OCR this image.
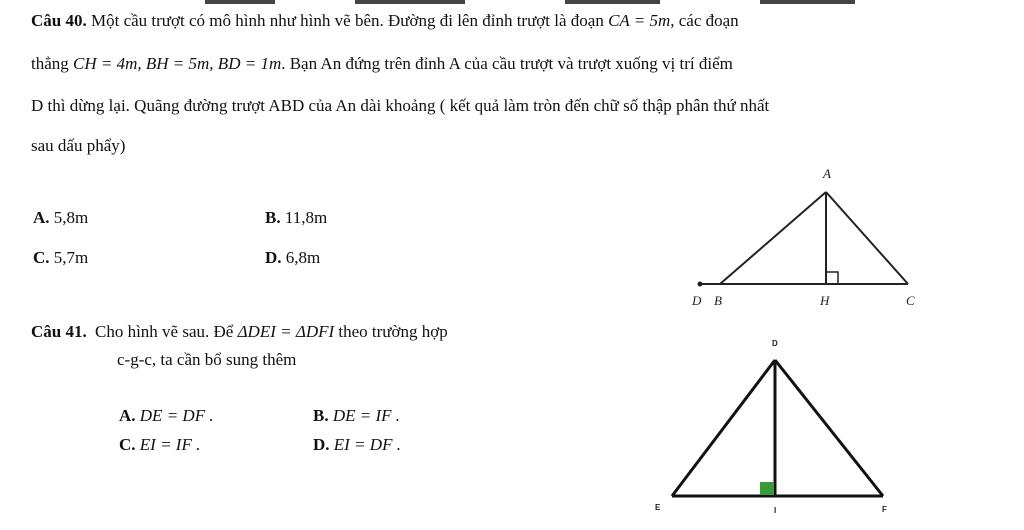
Câu 40. Một cầu trượt có mô hình như hình vẽ bên. Đường đi lên đỉnh trượt là đoạn CA = 5m, các đoạn
thẳng CH = 4m, BH = 5m, BD = 1m. Bạn An đứng trên đỉnh A của cầu trượt và trượt xuống vị trí điểm
D thì dừng lại. Quãng đường trượt ABD của An dài khoảng ( kết quả làm tròn đến chữ số thập phân thứ nhất
sau dấu phẩy)
A. 5,8m	B. 11,8m
C. 5,7m	D. 6,8m
A
D B	H	C
Câu 41. Cho hình vẽ sau. Để ΔDEI = ΔDFI theo trường hợp
c-g-c, ta cần bổ sung thêm
A. DE = DF .	B. DE = IF .
C. EI = IF .	D. EI = DF .
D
E	I	F
